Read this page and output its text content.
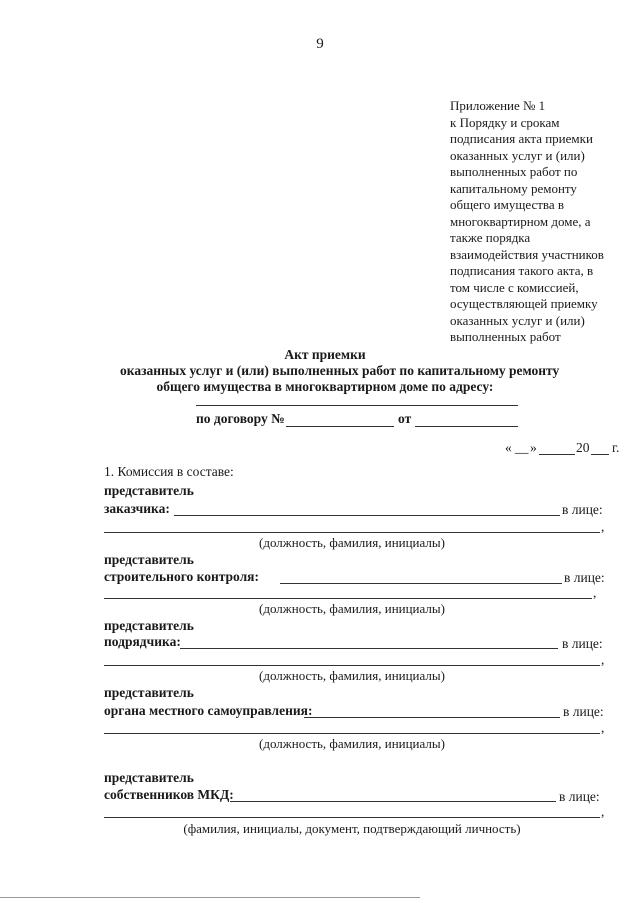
9
Приложение № 1
к Порядку и срокам
подписания акта приемки
оказанных услуг и (или)
выполненных работ по
капитальному ремонту
общего имущества в
многоквартирном доме, а
также порядка
взаимодействия участников
подписания такого акта, в
том числе с комиссией,
осуществляющей приемку
оказанных услуг и (или)
выполненных работ
Акт приемки
оказанных услуг и (или) выполненных работ по капитальному ремонту
общего имущества в многоквартирном доме по адресу:
по договору №	от
« __ »	20 г.
1. Комиссия в составе:
представитель
заказчика:	в лице:
,
(должность, фамилия, инициалы)
представитель
строительного контроля:	в лице:
,
(должность, фамилия, инициалы)
представитель
подрядчика:	в лице:
,
(должность, фамилия, инициалы)
представитель
органа местного самоуправления:	в лице:
,
(должность, фамилия, инициалы)
представитель
собственников МКД:	в лице:
,
(фамилия, инициалы, документ, подтверждающий личность)
